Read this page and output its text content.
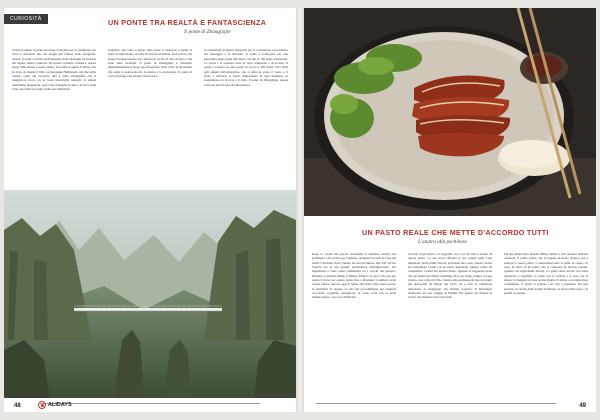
CURIOSITÀ	UN PONTE TRA REALTÀ E FANTASCIENZA
Il ponte di Zhangjiajie
3 Dopo Lumen, il ponte più lungo al mondo per la camminata sul vetro è diventato uno dei luoghi più famosi della fotografia. Avatar, il ponte si fonde perfettamente nelle montagne di arenaria del regista James Cameron. Da questo scenario, Pandora, questa luogo della natura è senza tempo, nel quale si aggira il turista che ha visto al cinema il film. Le montagne Hallelujah, alla fine della catena, come del racconto. Ma è nella Zhangjiajie che il viaggiatore trova, tra le varie meraviglie naturali, la sintesi dell'umana ingegneria, opera che ridisegna il cielo e la terra della Cina, lasciando un segno dalle sue ambizioni.
singolari, una volta il punto sulla quale il visitatore è anche la fonte di ispirazione, avvolta da nuvole di nebbia. Non poteva che essere il ponte sospeso tra i pilastri di roccia. Il dato di fatto è che sono state incisioni. Il ponte di Zhangjiajie è diventato immediatamente il luogo più fotografato della Cina, in un mondo che esige la spettacolarità, la natura e la tecnologia. Il ponte di vetro più lungo del mondo. Intrecciare...
le costruzioni di questo materiale per la costruzione e le bellezze del paesaggio e la struttura. Il ponte è sviluppato per una passerella lunga quasi 430 metri con più di 100 lastre trasparenti. Le pareti e le strutture sono di vetro temperato e di acciaio. Il ponte è sospeso su una parete di roccia a 300 metri. Una sfida agli amanti dell'adrenalina, che si affaccia verso il vuoto e il cielo, i visitatori si fanno immortalare in quel momento di sospensione tra la terra e il cielo. Il ponte di Zhangjiajie, questa volta per non morire di fantascienza.
48	ALIDAYS
UN PASTO REALE CHE METTE D'ACCORDO TUTTI
L'anatra alla pechinese
Dopo la cucina del popolo ricordiamo il delizioso Anatra alla pechinese. Una ricetta per celebrare, mangiata in tutta la Cina ma anche a Pechino, dove l'anatra laccata pechinese. Nel XIV secolo l'anatra era la più grande prelibatezza dell'imperatore. Gli ingredienti e l'arte erano tramandati tra i cuochi del palazzo. Durante la dinastia Ming, il Mastro Yang fu il cuoco che usò per primo il forno per questo piatto fino a diventare il simbolo della cucina cinese. Ancora oggi in molte città della Cina viene servito ai banchetti. Il segreto si cela nel procedimento per renderla croccante: vogliamo assaggiarla, la carne cotta con la pelle rimane tenera e succosa all'interno.
Si tratta di gli anatre e le leggende, che ci si racconta a partire da questa piatto. La sua storia affonda le sue origini nella Cina imperiale. Sulla prima Tavola, arrivando alla corte, questa cucina ha trasformato l'anatra in un piatto nazionale. Questo piatto ha conquistato i palati del mondo intero. Quando la leggenda vuole che gli americani Henry Kissinger fece per lungo tempo. Al suo ritorno, una volta in USA, l'anatra alla pechinese fu uno dei piatti più apprezzati da Nixon nel 1972, ed è nata la tradizione dell'anatra ai viaggiatori che l'hanno scoperta. Il Presidente americano nel suo viaggio di Pekino. Per questo sta dirtutte le ricette che mettono d'accordo tutti.
Fin dai tempi della dinastia Ming l'anatra è una maestra dell'arte culinaria. Il primo piatto, che si prepara in modo diverso, poi è sempre lo stesso piatto. I componenti sono la pelle, la carne e le ossa. Si tratta di un piatto che si compone di diverse portate, ognuna con ingredienti diversi. La pelle viene servita con salsa agrodolce e cipollotti, la carne con le verdure e le ossa con la zuppa. Si mangia con una sottile sfoglia di farina e un particolare condimento. Il piatto si prepara con cura e pazienza. Da non perdere, la cucina delle grandi tradizioni, la tavola delle feste e le grandi occasioni.
49
